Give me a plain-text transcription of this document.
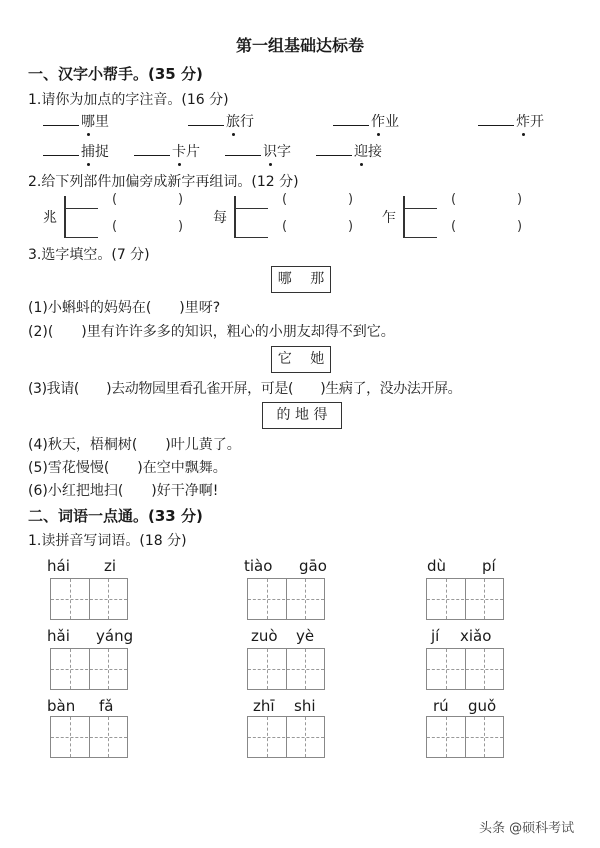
第一组基础达标卷
一、汉字小帮手。(35 分)
1.请你为加点的字注音。(16 分)
哪里	旅行	作业	炸开
捕捉	卡片	识字	迎接
2.给下列部件加偏旁成新字再组词。(12 分)
兆
(	)
(	)
每
(	)
(	)
乍
(	)
(	)
3.选字填空。(7 分)
哪　 那
(1)小蝌蚪的妈妈在(　　)里呀?
(2)(　　)里有许许多多的知识，粗心的小朋友却得不到它。
它　 她
(3)我请(　　)去动物园里看孔雀开屏，可是(　　)生病了，没办法开屏。
的 地 得
(4)秋天，梧桐树(　　)叶儿黄了。
(5)雪花慢慢(　　)在空中飘舞。
(6)小红把地扫(　　)好干净啊!
二、词语一点通。(33 分)
1.读拼音写词语。(18 分)
hái zi	tiào gāo	dù pí
hǎi yáng	zuò yè	jí xiǎo
bàn fǎ	zhī shi	rú guǒ
头条 @硕科考试
